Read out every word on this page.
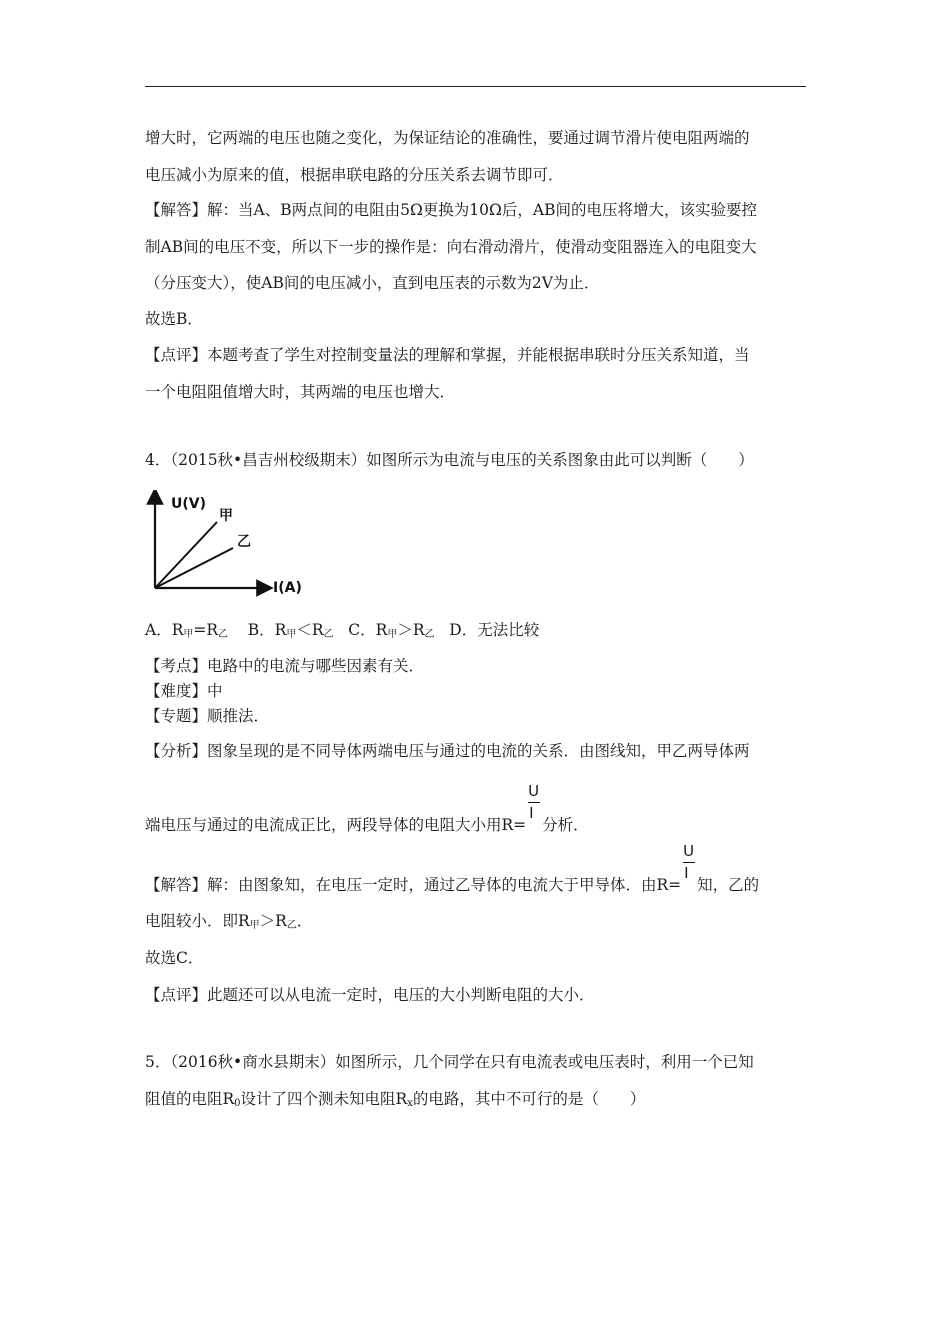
增大时，它两端的电压也随之变化，为保证结论的准确性，要通过调节滑片使电阻两端的
电压减小为原来的值，根据串联电路的分压关系去调节即可．
【解答】解：当A、B两点间的电阻由5Ω更换为10Ω后，AB间的电压将增大，该实验要控
制AB间的电压不变，所以下一步的操作是：向右滑动滑片，使滑动变阻器连入的电阻变大
（分压变大），使AB间的电压减小，直到电压表的示数为2V为止．
故选B．
【点评】本题考查了学生对控制变量法的理解和掌握，并能根据串联时分压关系知道，当
一个电阻阻值增大时，其两端的电压也增大．
4．（2015秋•昌吉州校级期末）如图所示为电流与电压的关系图象由此可以判断（　　）
U(V)
甲
乙
I(A)
A．R甲=R乙 B．R甲＜R乙 C．R甲＞R乙 D．无法比较
【考点】电路中的电流与哪些因素有关．
【难度】中
【专题】顺推法．
【分析】图象呈现的是不同导体两端电压与通过的电流的关系．由图线知，甲乙两导体两
端电压与通过的电流成正比，两段导体的电阻大小用$R= \frac{U}{I}$ 分析．
【解答】解：由图象知，在电压一定时，通过乙导体的电流大于甲导体．由$R= \frac{U}{I}$ 知，乙的
电阻较小．即R甲＞R乙．
故选C．
【点评】此题还可以从电流一定时，电压的大小判断电阻的大小．
5．（2016秋•商水县期末）如图所示，几个同学在只有电流表或电压表时，利用一个已知
阻值的电阻R0设计了四个测未知电阻Rx的电路，其中不可行的是（　　）
